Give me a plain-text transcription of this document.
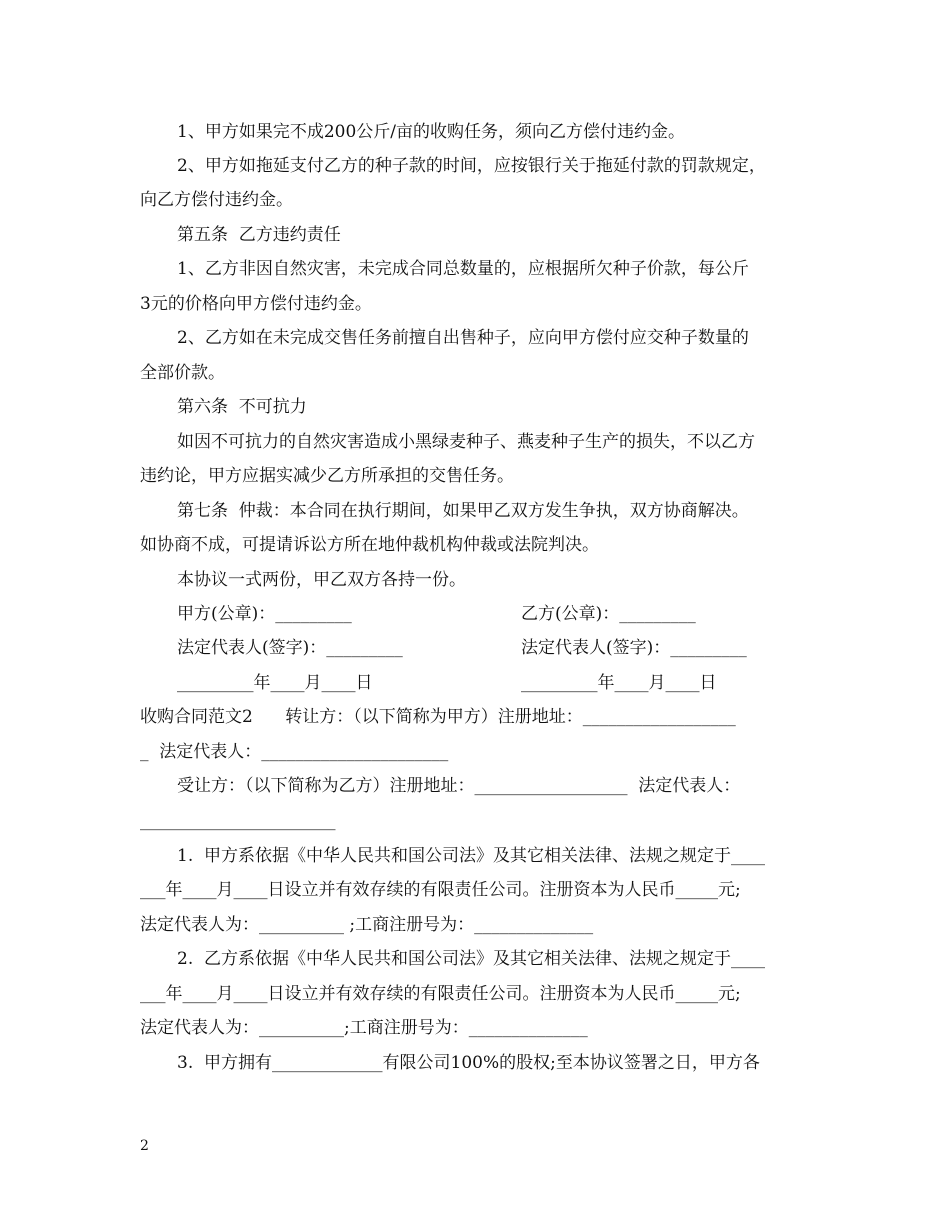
1、甲方如果完不成200公斤/亩的收购任务，须向乙方偿付违约金。
2、甲方如拖延支付乙方的种子款的时间，应按银行关于拖延付款的罚款规定，
向乙方偿付违约金。
第五条  乙方违约责任
1、乙方非因自然灾害，未完成合同总数量的，应根据所欠种子价款，每公斤
3元的价格向甲方偿付违约金。
2、乙方如在未完成交售任务前擅自出售种子，应向甲方偿付应交种子数量的
全部价款。
第六条  不可抗力
如因不可抗力的自然灾害造成小黑绿麦种子、燕麦种子生产的损失，不以乙方
违约论，甲方应据实减少乙方所承担的交售任务。
第七条  仲裁：本合同在执行期间，如果甲乙双方发生争执，双方协商解决。
如协商不成，可提请诉讼方所在地仲裁机构仲裁或法院判决。
本协议一式两份，甲乙双方各持一份。
甲方(公章)：_________	乙方(公章)：_________
法定代表人(签字)：_________	法定代表人(签字)：_________
_________年____月____日	_________年____月____日
收购合同范文2      转让方：（以下简称为甲方）注册地址：__________________
_  法定代表人：______________________
受让方：（以下简称为乙方）注册地址：__________________  法定代表人：
_______________________
1.  甲方系依据《中华人民共和国公司法》及其它相关法律、法规之规定于____
___年____月____日设立并有效存续的有限责任公司。注册资本为人民币_____元;
法定代表人为：__________ ;工商注册号为：______________
2.  乙方系依据《中华人民共和国公司法》及其它相关法律、法规之规定于____
___年____月____日设立并有效存续的有限责任公司。注册资本为人民币_____元;
法定代表人为：__________;工商注册号为：______________
3.  甲方拥有_____________有限公司100%的股权;至本协议签署之日，甲方各
2
